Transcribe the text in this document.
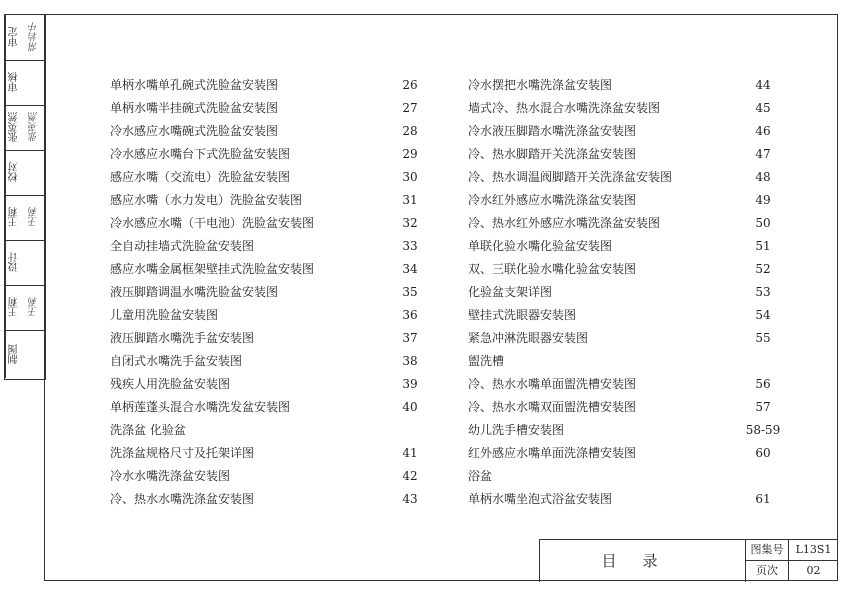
审定 常岩中
审核
张英然 张英然
校对
王莉 王莉
设计
王莉 王莉
制图
单柄水嘴单孔碗式洗脸盆安装图	26
单柄水嘴半挂碗式洗脸盆安装图	27
冷水感应水嘴碗式洗脸盆安装图	28
冷水感应水嘴台下式洗脸盆安装图	29
感应水嘴（交流电）洗脸盆安装图	30
感应水嘴（水力发电）洗脸盆安装图	31
冷水感应水嘴（干电池）洗脸盆安装图	32
全自动挂墙式洗脸盆安装图	33
感应水嘴金属框架壁挂式洗脸盆安装图	34
液压脚踏调温水嘴洗脸盆安装图	35
儿童用洗脸盆安装图	36
液压脚踏水嘴洗手盆安装图	37
自闭式水嘴洗手盆安装图	38
残疾人用洗脸盆安装图	39
单柄莲蓬头混合水嘴洗发盆安装图	40
洗涤盆 化验盆
洗涤盆规格尺寸及托架详图	41
冷水水嘴洗涤盆安装图	42
冷、热水水嘴洗涤盆安装图	43
冷水摆把水嘴洗涤盆安装图	44
墙式冷、热水混合水嘴洗涤盆安装图	45
冷水液压脚踏水嘴洗涤盆安装图	46
冷、热水脚踏开关洗涤盆安装图	47
冷、热水调温阀脚踏开关洗涤盆安装图	48
冷水红外感应水嘴洗涤盆安装图	49
冷、热水红外感应水嘴洗涤盆安装图	50
单联化验水嘴化验盆安装图	51
双、三联化验水嘴化验盆安装图	52
化验盆支架详图	53
壁挂式洗眼器安装图	54
紧急冲淋洗眼器安装图	55
盥洗槽
冷、热水水嘴单面盥洗槽安装图	56
冷、热水水嘴双面盥洗槽安装图	57
幼儿洗手槽安装图	58-59
红外感应水嘴单面洗涤槽安装图	60
浴盆
单柄水嘴坐泡式浴盆安装图	61
目录
图集号	L13S1
页次	02
